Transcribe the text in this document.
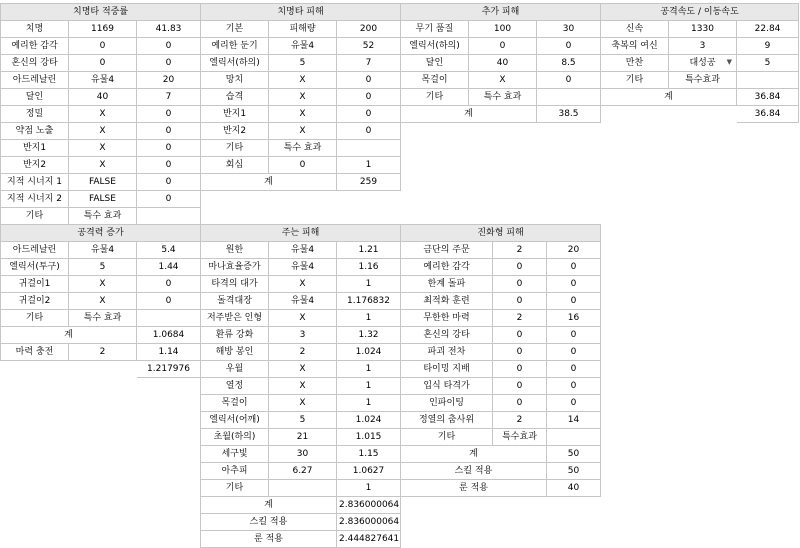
치명타 적중률		
치명	1169	41.83
예리한 감각	0	0
혼신의 강타	0	0
아드레날린	유물4	20
달인	40	7
정밀	X	0
약점 노출	X	0
반지1	X	0
반지2	X	0
지적 시너지 1	FALSE	0
지적 시너지 2	FALSE	0
기타	특수 효과	

치명타 피해		
기본	피해량	200
예리한 둔기	유물4	52
엘릭서(하의)	5	7
망치	X	0
습격	X	0
반지1	X	0
반지2	X	0
기타	특수 효과	
회심	0	1
계		259
추가 피해		
무기 품질	100	30
엘릭서(하의)	0	0
달인	40	8.5
목걸이	X	0
기타	특수 효과	
계		38.5
공격속도 / 이동속도		
신속	1330	22.84
축복의 여신	3	9
만찬	대성공 ▼	5
기타	특수효과	
계		36.84
		36.84
공격력 증가		
아드레날린	유물4	5.4
엘릭서(투구)	5	1.44
귀걸이1	X	0
귀걸이2	X	0
기타	특수 효과	
계		1.0684
마력 충전	2	1.14
		1.217976
주는 피해		
원한	유물4	1.21
마나효율증가	유물4	1.16
타격의 대가	X	1
돌격대장	유물4	1.176832
저주받은 인형	X	1
환류 강화	3	1.32
해방 봉인	2	1.024
우월	X	1
열정	X	1
목걸이	X	1
엘릭서(어깨)	5	1.024
초월(하의)	21	1.015
세구빛	30	1.15
아추피	6.27	1.0627
기타		1
계		2.836000064
스킬 적용		2.836000064
룬 적용		2.444827641
진화형 피해		
금단의 주문	2	20
예리한 감각	0	0
한계 돌파	0	0
최적화 훈련	0	0
무한한 마력	2	16
혼신의 강타	0	0
파괴 전차	0	0
타이밍 지배	0	0
입식 타격가	0	0
인파이팅	0	0
정열의 춤사위	2	14
기타	특수효과	
계		50
스킬 적용		50
룬 적용		40
